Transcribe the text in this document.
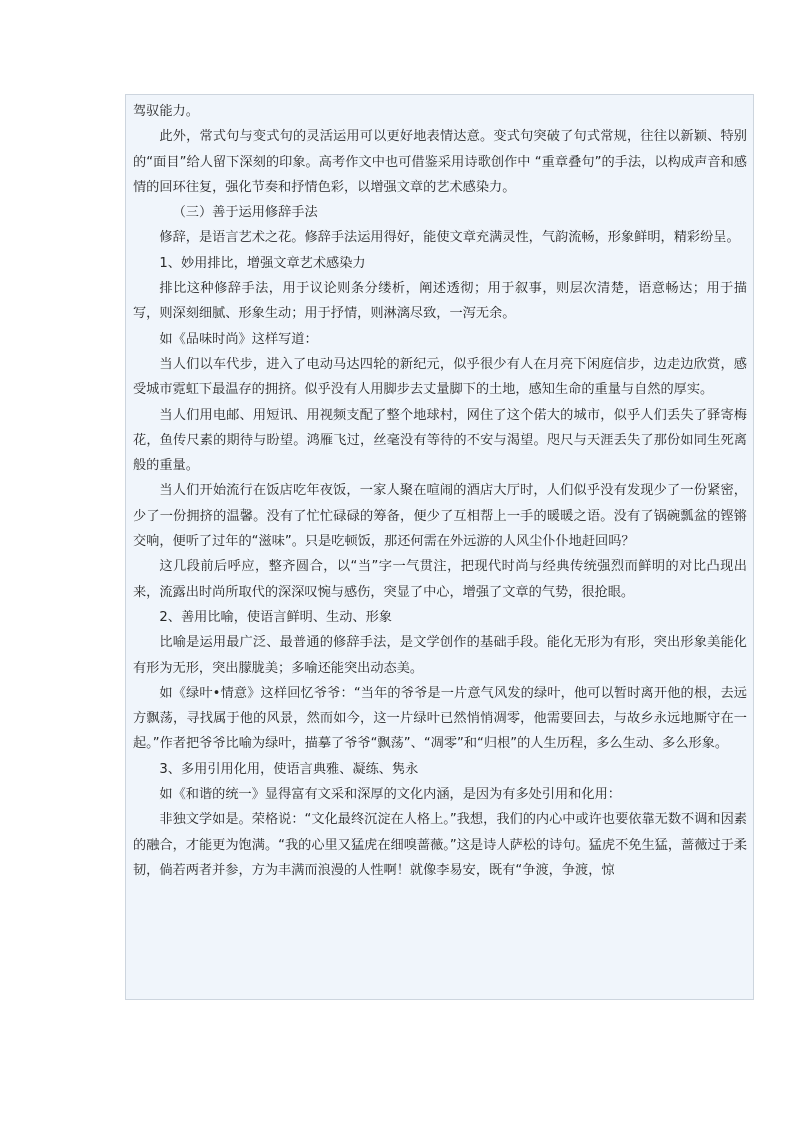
驾驭能力。

此外，常式句与变式句的灵活运用可以更好地表情达意。变式句突破了句式常规，往往以新颖、特别的“面目”给人留下深刻的印象。高考作文中也可借鉴采用诗歌创作中 “重章叠句”的手法，以构成声音和感情的回环往复，强化节奏和抒情色彩，以增强文章的艺术感染力。

（三）善于运用修辞手法

修辞，是语言艺术之花。修辞手法运用得好，能使文章充满灵性，气韵流畅，形象鲜明，精彩纷呈。

1、妙用排比，增强文章艺术感染力

排比这种修辞手法，用于议论则条分缕析，阐述透彻；用于叙事，则层次清楚，语意畅达；用于描写，则深刻细腻、形象生动；用于抒情，则淋漓尽致，一泻无余。

如《品味时尚》这样写道：

当人们以车代步，进入了电动马达四轮的新纪元，似乎很少有人在月亮下闲庭信步，边走边欣赏，感受城市霓虹下最温存的拥挤。似乎没有人用脚步去丈量脚下的土地，感知生命的重量与自然的厚实。

当人们用电邮、用短讯、用视频支配了整个地球村，网住了这个偌大的城市，似乎人们丢失了驿寄梅花，鱼传尺素的期待与盼望。鸿雁飞过，丝毫没有等待的不安与渴望。咫尺与天涯丢失了那份如同生死离般的重量。

当人们开始流行在饭店吃年夜饭，一家人聚在喧闹的酒店大厅时，人们似乎没有发现少了一份紧密，少了一份拥挤的温馨。没有了忙忙碌碌的筹备，便少了互相帮上一手的暖暖之语。没有了锅碗瓢盆的铿锵交响，便听了过年的“滋味”。只是吃顿饭，那还何需在外远游的人风尘仆仆地赶回吗？

这几段前后呼应，整齐圆合，以“当”字一气贯注，把现代时尚与经典传统强烈而鲜明的对比凸现出来，流露出时尚所取代的深深叹惋与感伤，突显了中心，增强了文章的气势，很抢眼。

2、善用比喻，使语言鲜明、生动、形象

比喻是运用最广泛、最普通的修辞手法，是文学创作的基础手段。能化无形为有形，突出形象美能化有形为无形，突出朦胧美；多喻还能突出动态美。

如《绿叶•情意》这样回忆爷爷：“当年的爷爷是一片意气风发的绿叶，他可以暂时离开他的根，去远方飘荡，寻找属于他的风景，然而如今，这一片绿叶已然悄悄凋零，他需要回去，与故乡永远地厮守在一起。”作者把爷爷比喻为绿叶，描摹了爷爷“飘荡”、“凋零”和“归根”的人生历程，多么生动、多么形象。

3、多用引用化用，使语言典雅、凝练、隽永

如《和谐的统一》显得富有文采和深厚的文化内涵，是因为有多处引用和化用：

非独文学如是。荣格说：“文化最终沉淀在人格上。”我想，我们的内心中或许也要依靠无数不调和因素的融合，才能更为饱满。“我的心里又猛虎在细嗅蔷薇。”这是诗人萨松的诗句。猛虎不免生猛，蔷薇过于柔韧，倘若两者并参，方为丰满而浪漫的人性啊！就像李易安，既有“争渡，争渡，惊
